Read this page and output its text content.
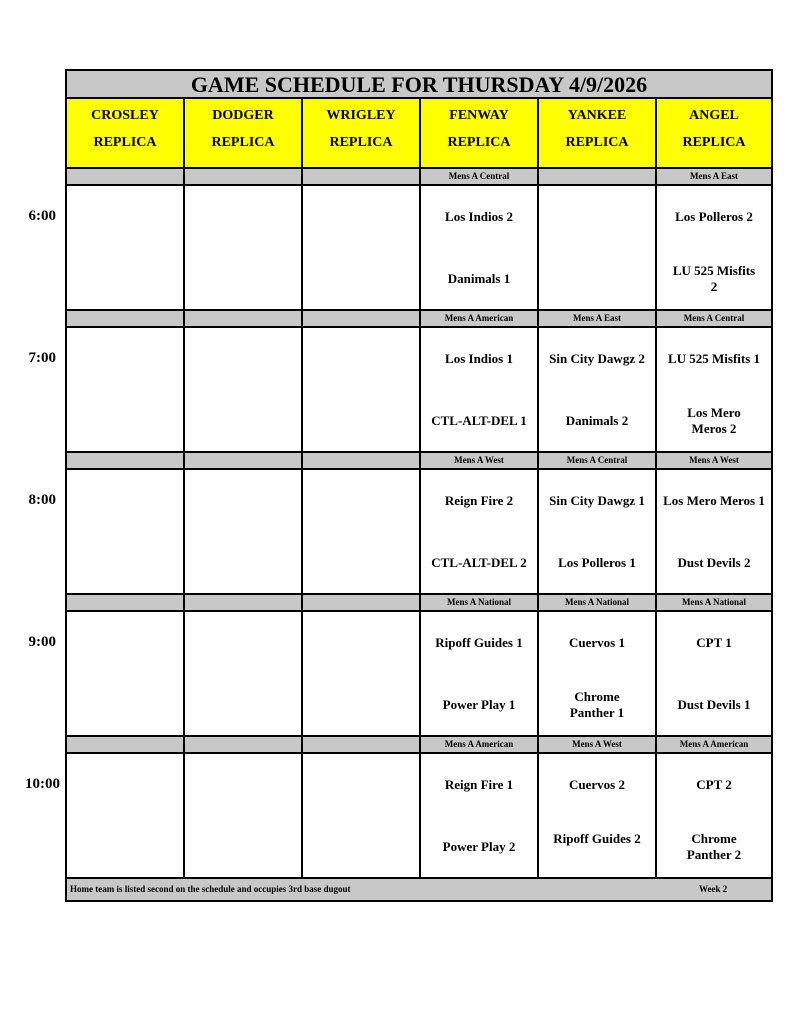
GAME SCHEDULE FOR THURSDAY 4/9/2026
Home team is listed second on the schedule and occupies 3rd base dugout	Week 2
CROSLEY
REPLICA
DODGER
REPLICA
WRIGLEY
REPLICA
FENWAY
REPLICA
YANKEE
REPLICA
ANGEL
REPLICA
Mens A Central
Los Indios 2
Danimals 1
Mens A East
Los Polleros 2
LU 525 Misfits 2
Mens A American
Los Indios 1
CTL-ALT-DEL 1
Mens A East
Sin City Dawgz 2
Danimals 2
Mens A Central
LU 525 Misfits 1
Los Mero Meros 2
Mens A West
Reign Fire 2
CTL-ALT-DEL 2
Mens A Central
Sin City Dawgz 1
Los Polleros 1
Mens A West
Los Mero Meros 1
Dust Devils 2
Mens A National
Ripoff Guides 1
Power Play 1
Mens A National
Cuervos 1
Chrome Panther 1
Mens A National
CPT 1
Dust Devils 1
Mens A American
Reign Fire 1
Power Play 2
Mens A West
Cuervos 2
Ripoff Guides 2
Mens A American
CPT 2
Chrome Panther 2
6:00
7:00
8:00
9:00
10:00
